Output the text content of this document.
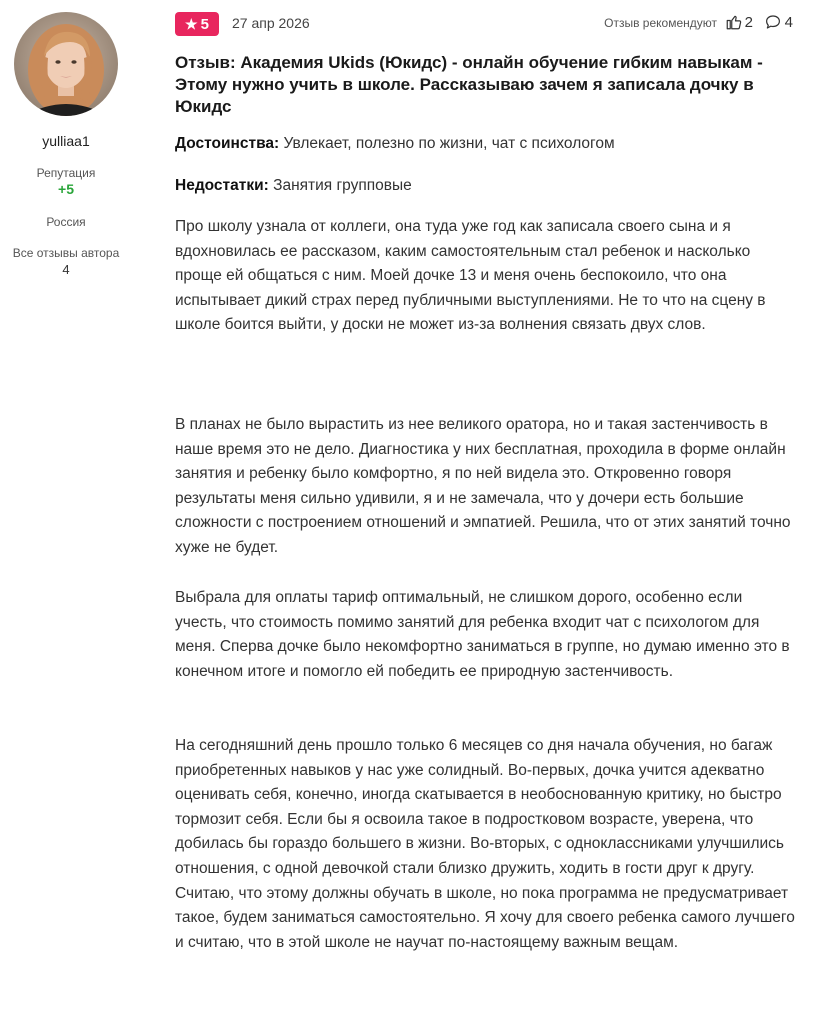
yulliaa1
Репутация
+5
Россия
Все отзывы автора
4
★ 5 27 апр 2026	Отзыв рекомендуют 2 4
Отзыв: Академия Ukids (Юкидс) - онлайн обучение гибким навыкам - Этому нужно учить в школе. Рассказываю зачем я записала дочку в Юкидс
Достоинства: Увлекает, полезно по жизни, чат с психологом
Недостатки: Занятия групповые
Про школу узнала от коллеги, она туда уже год как записала своего сына и я вдохновилась ее рассказом, каким самостоятельным стал ребенок и насколько проще ей общаться с ним. Моей дочке 13 и меня очень беспокоило, что она испытывает дикий страх перед публичными выступлениями. Не то что на сцену в школе боится выйти, у доски не может из-за волнения связать двух слов.
В планах не было вырастить из нее великого оратора, но и такая застенчивость в наше время это не дело. Диагностика у них бесплатная, проходила в форме онлайн занятия и ребенку было комфортно, я по ней видела это. Откровенно говоря результаты меня сильно удивили, я и не замечала, что у дочери есть большие сложности с построением отношений и эмпатией. Решила, что от этих занятий точно хуже не будет.
Выбрала для оплаты тариф оптимальный, не слишком дорого, особенно если учесть, что стоимость помимо занятий для ребенка входит чат с психологом для меня. Сперва дочке было некомфортно заниматься в группе, но думаю именно это в конечном итоге и помогло ей победить ее природную застенчивость.
На сегодняшний день прошло только 6 месяцев со дня начала обучения, но багаж приобретенных навыков у нас уже солидный. Во-первых, дочка учится адекватно оценивать себя, конечно, иногда скатывается в необоснованную критику, но быстро тормозит себя. Если бы я освоила такое в подростковом возрасте, уверена, что добилась бы гораздо большего в жизни. Во-вторых, с одноклассниками улучшились отношения, с одной девочкой стали близко дружить, ходить в гости друг к другу. Считаю, что этому должны обучать в школе, но пока программа не предусматривает такое, будем заниматься самостоятельно. Я хочу для своего ребенка самого лучшего и считаю, что в этой школе не научат по-настоящему важным вещам.
